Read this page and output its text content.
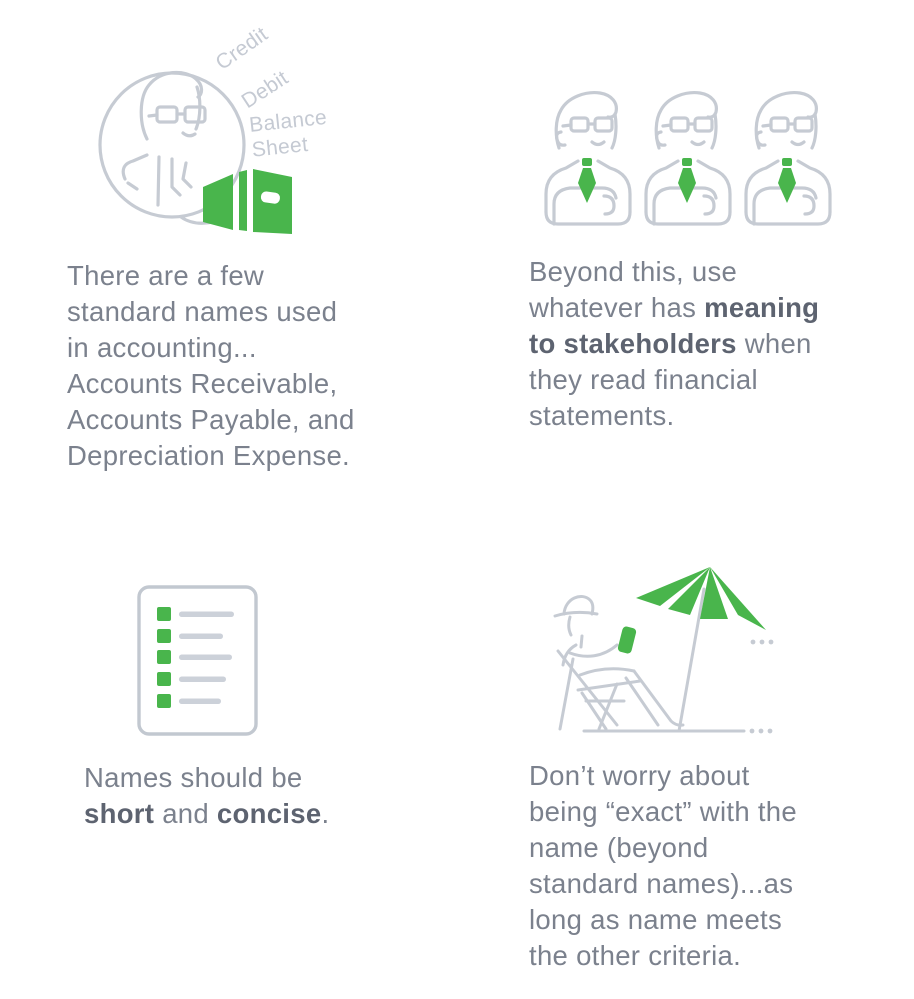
Credit
Debit
Balance Sheet
There are a few
standard names used
in accounting...
Accounts Receivable,
Accounts Payable, and
Depreciation Expense.
Beyond this, use
whatever has meaning
to stakeholders when
they read financial
statements.
Names should be
short and concise.
Don’t worry about
being “exact” with the
name (beyond
standard names)...as
long as name meets
the other criteria.
